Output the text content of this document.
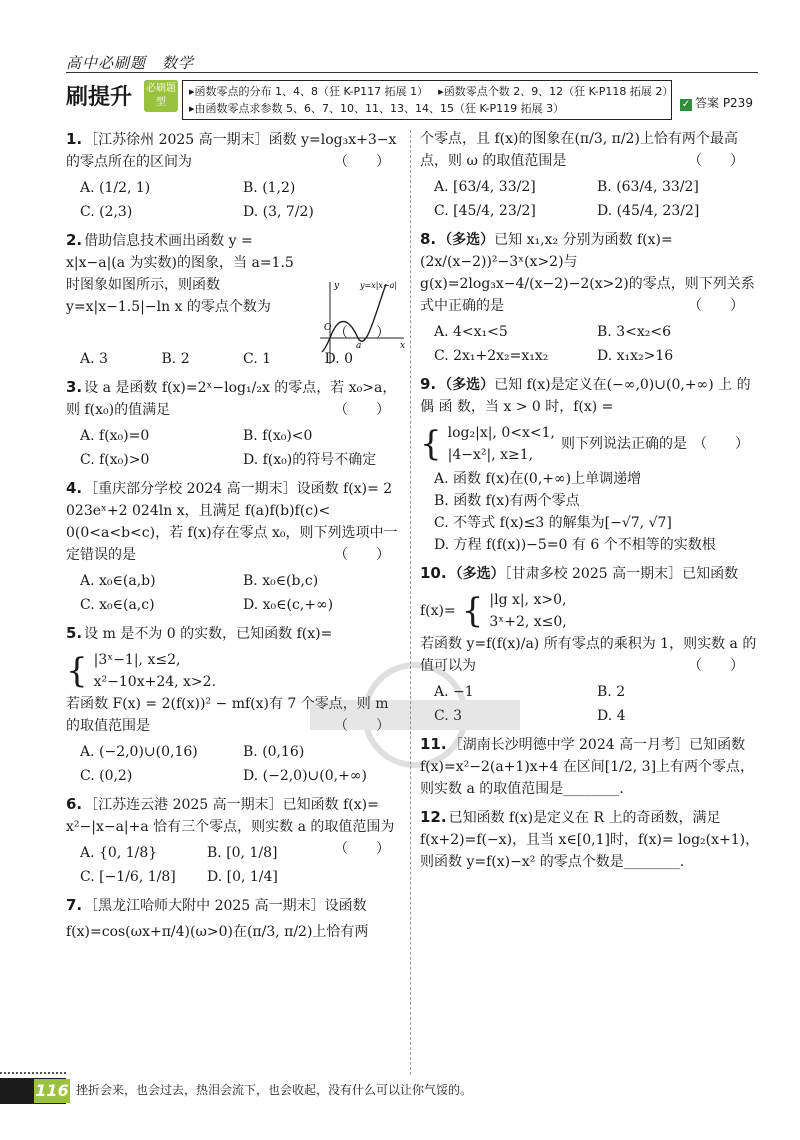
高中必刷题　数学
刷提升 必刷题型
▸函数零点的分布 1、4、8（狂 K-P117 拓展 1） ▸函数零点个数 2、9、12（狂 K-P118 拓展 2）
▸由函数零点求参数 5、6、7、10、11、13、14、15（狂 K-P119 拓展 3）	✓ 答案 P239

1. ［江苏徐州 2025 高一期末］函数 y=log₃x+3−x 的零点所在的区间为	（　　）

A. (1/2, 1)	B. (1,2)
C. (2,3)	D. (3, 7/2)

2. 借助信息技术画出函数 y = x|x−a|(a 为实数)的图象，当 a=1.5 时图象如图所示，则函数 y=x|x−1.5|−ln x 的零点个数为

（　　）

A. 3	B. 2	C. 1	D. 0

3. 设 a 是函数 f(x)=2ˣ−log₁/₂x 的零点，若 x₀>a，则 f(x₀)的值满足	（　　）

A. f(x₀)=0	B. f(x₀)<0
C. f(x₀)>0	D. f(x₀)的符号不确定

4. ［重庆部分学校 2024 高一期末］设函数 f(x)= 2 023eˣ+2 024ln x，且满足 f(a)f(b)f(c)< 0(0<a<b<c)，若 f(x)存在零点 x₀，则下列选项中一定错误的是	（　　）

A. x₀∈(a,b)	B. x₀∈(b,c)
C. x₀∈(a,c)	D. x₀∈(c,+∞)

5. 设 m 是不为 0 的实数，已知函数 f(x)=

{ |3ˣ−1|, x≤2,
x²−10x+24, x>2.

若函数 F(x) = 2(f(x))² − mf(x)有 7 个零点，则 m 的取值范围是	（　　）

A. (−2,0)∪(0,16)	B. (0,16)
C. (0,2)	D. (−2,0)∪(0,+∞)

6. ［江苏连云港 2025 高一期末］已知函数 f(x)= x²−|x−a|+a 恰有三个零点，则实数 a 的取值范围为
（　　）

A. {0, 1/8}	B. [0, 1/8]
C. [−1/6, 1/8]	D. [0, 1/4]

7. ［黑龙江哈师大附中 2025 高一期末］设函数

f(x)=cos(ωx+π/4)(ω>0)在(π/3, π/2)上恰有两

O
a	x
y	y=x|x−a|

个零点，且 f(x)的图象在(π/3, π/2)上恰有两个最高点，则 ω 的取值范围是	（　　）

A. [63/4, 33/2]	B. (63/4, 33/2]
C. [45/4, 23/2]	D. (45/4, 23/2]

8. （多选）已知 x₁,x₂ 分别为函数 f(x)=(2x/(x−2))²−3ˣ(x>2)与 g(x)=2log₃x−4/(x−2)−2(x>2)的零点，则下列关系式中正确的是	（　　）

A. 4<x₁<5	B. 3<x₂<6
C. 2x₁+2x₂=x₁x₂	D. x₁x₂>16

9. （多选）已知 f(x)是定义在(−∞,0)∪(0,+∞) 上 的 偶 函 数，当 x > 0 时，f(x) =

{ log₂|x|, 0<x<1,
|4−x²|, x≥1,
则下列说法正确的是 （　　）
A. 函数 f(x)在(0,+∞)上单调递增
B. 函数 f(x)有两个零点
C. 不等式 f(x)≤3 的解集为[−√7, √7]
D. 方程 f(f(x))−5=0 有 6 个不相等的实数根

10. （多选）［甘肃多校 2025 高一期末］已知函数

f(x)= { |lg x|, x>0,
3ˣ+2, x≤0,

若函数 y=f(f(x)/a) 所有零点的乘积为 1，则实数 a 的值可以为	（　　）

A. −1	B. 2
C. 3	D. 4

11. ［湖南长沙明德中学 2024 高一月考］已知函数 f(x)=x²−2(a+1)x+4 在区间[1/2, 3]上有两个零点，则实数 a 的取值范围是________.

12. 已知函数 f(x)是定义在 R 上的奇函数，满足 f(x+2)=f(−x)，且当 x∈[0,1]时，f(x)= log₂(x+1)，则函数 y=f(x)−x² 的零点个数是________.

116 挫折会来，也会过去，热泪会流下，也会收起，没有什么可以让你气馁的。
